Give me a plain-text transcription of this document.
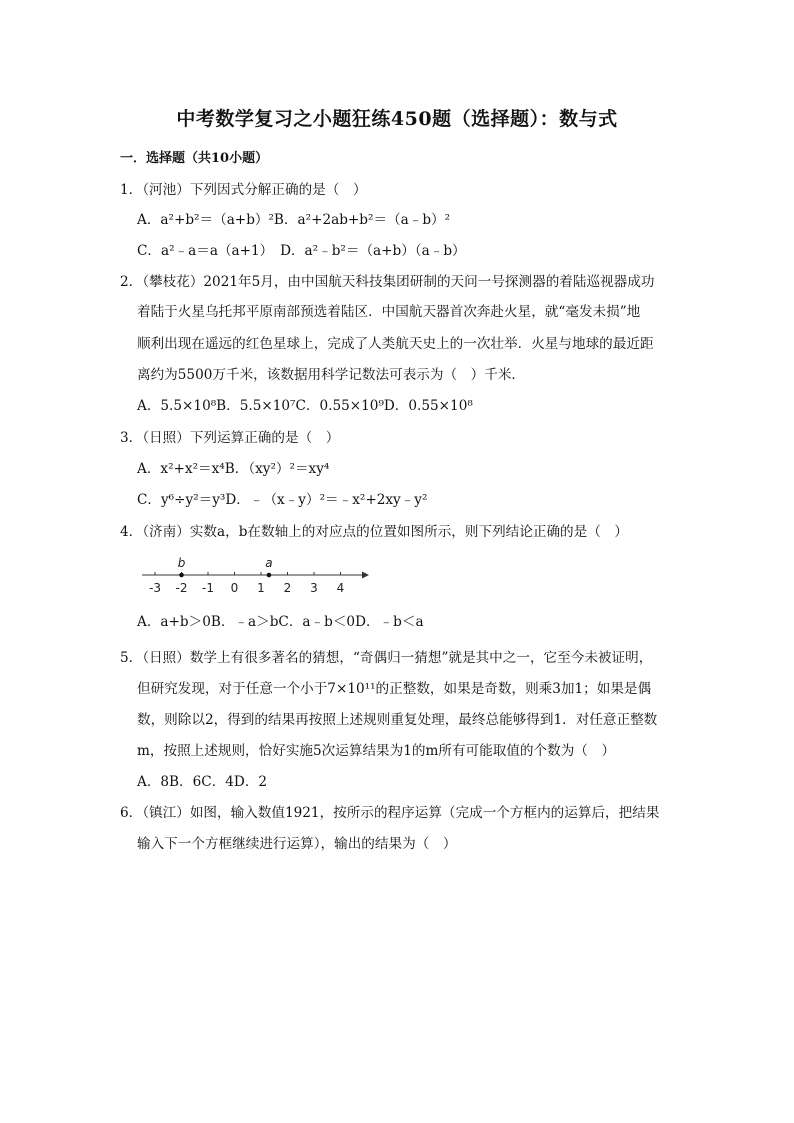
中考数学复习之小题狂练450题（选择题）：数与式
一．选择题（共10小题）
1．（河池）下列因式分解正确的是（　）
A．a²+b²＝（a+b）²B．a²+2ab+b²＝（a﹣b）²
C．a²﹣a＝a（a+1）　D．a²﹣b²＝（a+b）（a﹣b）
2．（攀枝花）2021年5月，由中国航天科技集团研制的天问一号探测器的着陆巡视器成功
着陆于火星乌托邦平原南部预选着陆区．中国航天器首次奔赴火星，就“毫发未损”地
顺利出现在遥远的红色星球上，完成了人类航天史上的一次壮举．火星与地球的最近距
离约为5500万千米，该数据用科学记数法可表示为（　）千米．
A．5.5×10⁸B．5.5×10⁷C．0.55×10⁹D．0.55×10⁸
3．（日照）下列运算正确的是（　）
A．x²+x²＝x⁴B．（xy²）²＝xy⁴
C．y⁶÷y²＝y³D．﹣（x﹣y）²＝﹣x²+2xy﹣y²
4．（济南）实数a，b在数轴上的对应点的位置如图所示，则下列结论正确的是（　）
-3 -2 -1 0 1 2 3 4
b	a
A．a+b＞0B．﹣a＞bC．a﹣b＜0D．﹣b＜a
5．（日照）数学上有很多著名的猜想，“奇偶归一猜想”就是其中之一，它至今未被证明，
但研究发现，对于任意一个小于7×10¹¹的正整数，如果是奇数，则乘3加1；如果是偶
数，则除以2，得到的结果再按照上述规则重复处理，最终总能够得到1．对任意正整数
m，按照上述规则，恰好实施5次运算结果为1的m所有可能取值的个数为（　）
A．8B．6C．4D．2
6．（镇江）如图，输入数值1921，按所示的程序运算（完成一个方框内的运算后，把结果
输入下一个方框继续进行运算），输出的结果为（　）
